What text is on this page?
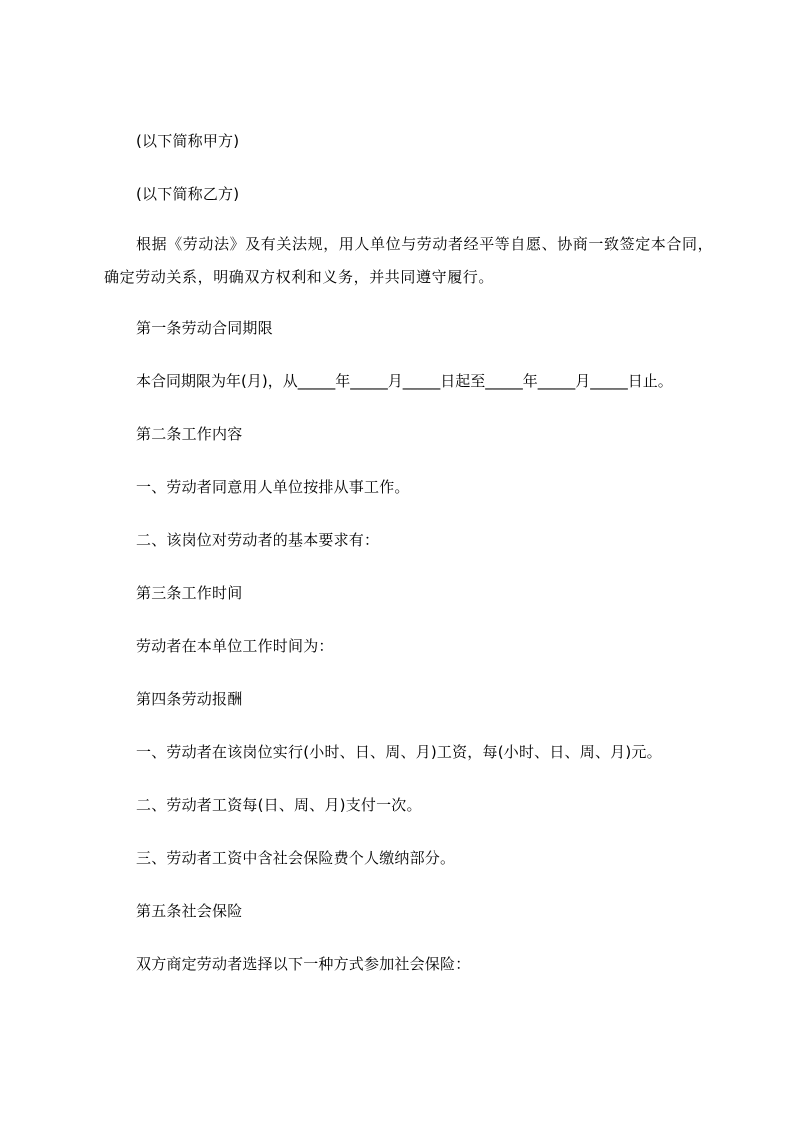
(以下简称甲方)
(以下简称乙方)
根据《劳动法》及有关法规，用人单位与劳动者经平等自愿、协商一致签定本合同，确定劳动关系，明确双方权利和义务，并共同遵守履行。
第一条劳动合同期限
本合同期限为年(月)，从_____年_____月_____日起至_____年_____月_____日止。
第二条工作内容
一、劳动者同意用人单位按排从事工作。
二、该岗位对劳动者的基本要求有：
第三条工作时间
劳动者在本单位工作时间为：
第四条劳动报酬
一、劳动者在该岗位实行(小时、日、周、月)工资，每(小时、日、周、月)元。
二、劳动者工资每(日、周、月)支付一次。
三、劳动者工资中含社会保险费个人缴纳部分。
第五条社会保险
双方商定劳动者选择以下一种方式参加社会保险：
